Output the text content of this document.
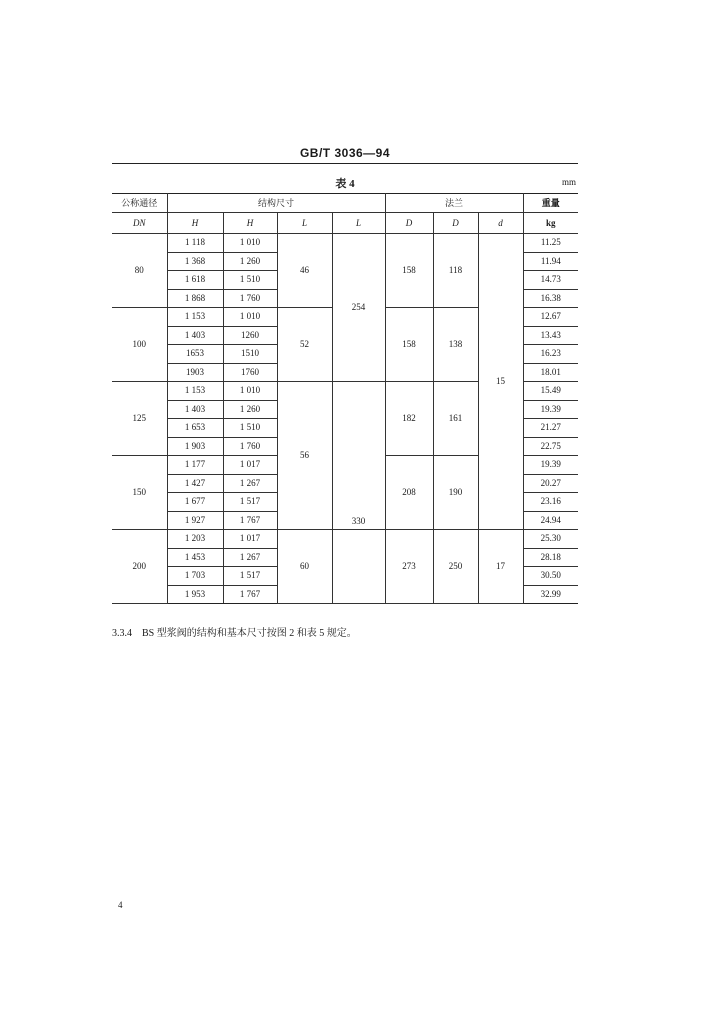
GB/T 3036—94
表 4	mm
公称通径	结构尺寸				法兰			重量
DN	H	H	L	L	D	D	d	kg
80	1 118	1 010	46	254	158	118	15	11.25
	1 368	1 260						11.94
	1 618	1 510						14.73
	1 868	1 760						16.38
100	1 153	1 010	52		158	138		12.67
	1 403	1260						13.43
	1653	1510						16.23
	1903	1760						18.01
125	1 153	1 010	56	330	182	161		15.49
	1 403	1 260						19.39
	1 653	1 510						21.27
	1 903	1 760						22.75
150	1 177	1 017			208	190		19.39
	1 427	1 267						20.27
	1 677	1 517						23.16
	1 927	1 767						24.94
200	1 203	1 017	60		273	250	17	25.30
	1 453	1 267						28.18
	1 703	1 517						30.50
	1 953	1 767						32.99
3.3.4　BS 型浆阀的结构和基本尺寸按图 2 和表 5 规定。
4
